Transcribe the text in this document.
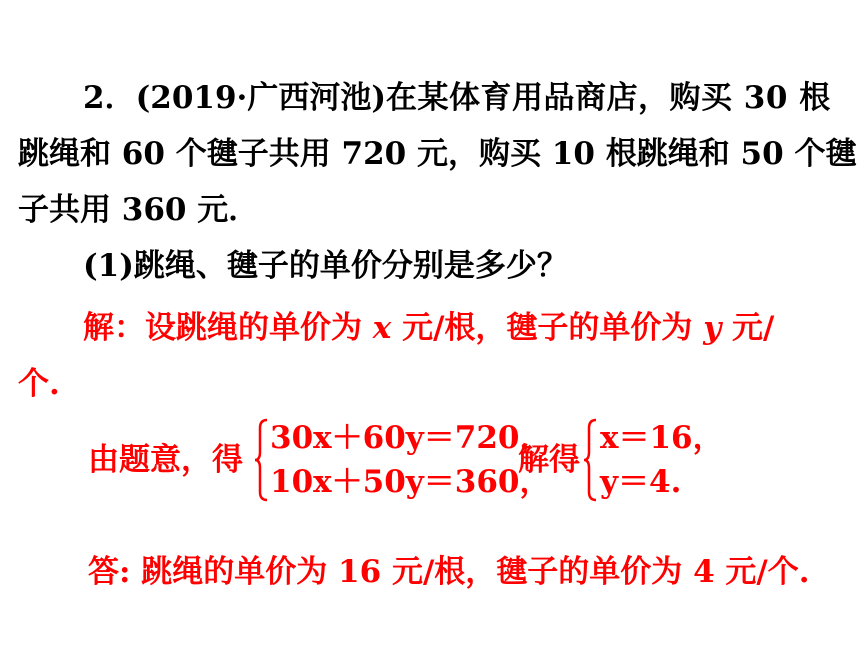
2．(2019·广西河池)在某体育用品商店，购买 30 根
跳绳和 60 个毽子共用 720 元，购买 10 根跳绳和 50 个毽
子共用 360 元．
(1)跳绳、毽子的单价分别是多少？
解：设跳绳的单价为 x 元/根，毽子的单价为 y 元/
个.
由题意，得
30x＋60y＝720，
10x＋50y＝360，
解得
x＝16，
y＝4.
答: 跳绳的单价为 16 元/根，毽子的单价为 4 元/个.
